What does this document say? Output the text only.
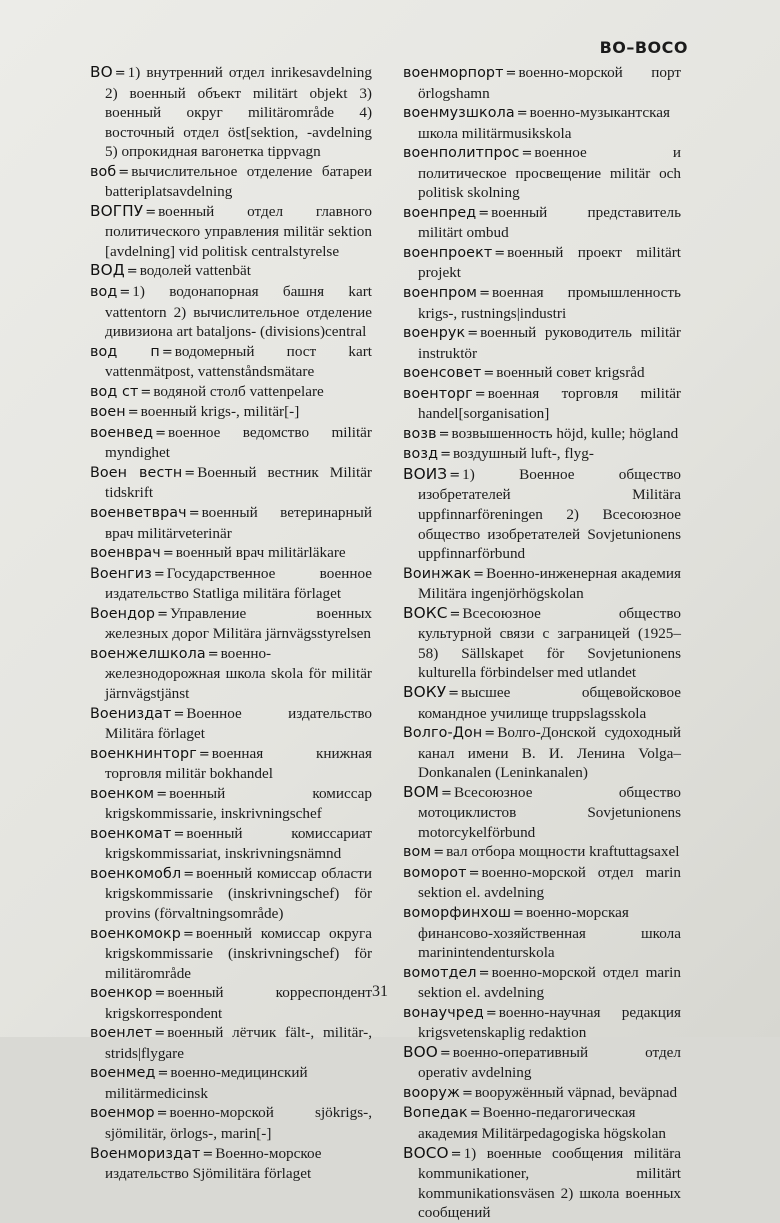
ВО–ВОСО

ВО = 1) внутренний отдел inrikesavdelning 2) военный объект militärt objekt 3) военный округ militärområde 4) восточный отдел öst[sektion, -avdelning 5) опрокидная вагонетка tippvagn

воб = вычислительное отделение батареи batteriplatsavdelning

ВОГПУ = военный отдел главного политического управления militär sektion [avdelning] vid politisk centralstyrelse

ВОД = водолей vattenbät

вод = 1) водонапорная башня kart vattentorn 2) вычислительное отделение дивизиона art bataljons- (divisions)central

вод п = водомерный пост kart vattenmätpost, vattenståndsmätare

вод ст = водяной столб vattenpelare

воен = военный krigs-, militär[-]

военвед = военное ведомство militär myndighet

Воен вестн = Военный вестник Militär tidskrift

военветврач = военный ветеринарный врач militärveterinär

военврач = военный врач militärläkare

Военгиз = Государственное военное издательство Statliga militära förlaget

Воендор = Управление военных железных дорог Militära järnvägsstyrelsen

военжелшкола = военно-железнодорожная школа skola för militär järnvägstjänst

Воениздат = Военное издательство Militära förlaget

военкнинторг = военная книжная торговля militär bokhandel

военком = военный комиссар krigskommissarie, inskrivningschef

военкомат = военный комиссариат krigskommissariat, inskrivningsnämnd

военкомобл = военный комиссар области krigskommissarie (inskrivningschef) för provins (förvaltningsområde)

военкомокр = военный комиссар округа krigskommissarie (inskrivningschef) för militärområde

военкор = военный корреспондент krigskorrespondent

военлет = военный лётчик fält-, militär-, strids|flygare

военмед = военно-медицинский militärmedicinsk

военмор = военно-морской sjökrigs-, sjömilitär, örlogs-, marin[-]

Военмориздат = Военно-морское издательство Sjömilitära förlaget

военморпорт = военно-морской порт örlogshamn

военмузшкола = военно-музыкантская школа militärmusikskola

военполитпрос = военное и политическое просвещение militär och politisk skolning

военпред = военный представитель militärt ombud

военпроект = военный проект militärt projekt

военпром = военная промышленность krigs-, rustnings|industri

военрук = военный руководитель militär instruktör

военсовет = военный совет krigsråd

военторг = военная торговля militär handel[sorganisation]

возв = возвышенность höjd, kulle; högland

возд = воздушный luft-, flyg-

ВОИЗ = 1) Военное общество изобретателей Militära uppfinnarföreningen 2) Всесоюзное общество изобретателей Sovjetunionens uppfinnarförbund

Воинжак = Военно-инженерная академия Militära ingenjörhögskolan

ВОКС = Всесоюзное общество культурной связи с заграницей (1925–58) Sällskapet för Sovjetunionens kulturella förbindelser med utlandet

ВОКУ = высшее общевойсковое командное училище truppslagsskola

Волго-Дон = Волго-Донской судоходный канал имени В. И. Ленина Volga–Donkanalen (Leninkanalen)

ВОМ = Всесоюзное общество мотоциклистов Sovjetunionens motorcykelförbund

вом = вал отбора мощности kraftuttagsaxel

воморот = военно-морской отдел marin sektion el. avdelning

воморфинхош = военно-морская финансово-хозяйственная школа marinintendenturskola

вомотдел = военно-морской отдел marin sektion el. avdelning

вонаучред = военно-научная редакция krigsvetenskaplig redaktion

ВОО = военно-оперативный отдел operativ avdelning

вооруж = вооружённый väpnad, beväpnad

Вопедак = Военно-педагогическая академия Militärpedagogiska högskolan

ВОСО = 1) военные сообщения militära kommunikationer, militärt kommunikationsväsen 2) школа военных сообщений

31
